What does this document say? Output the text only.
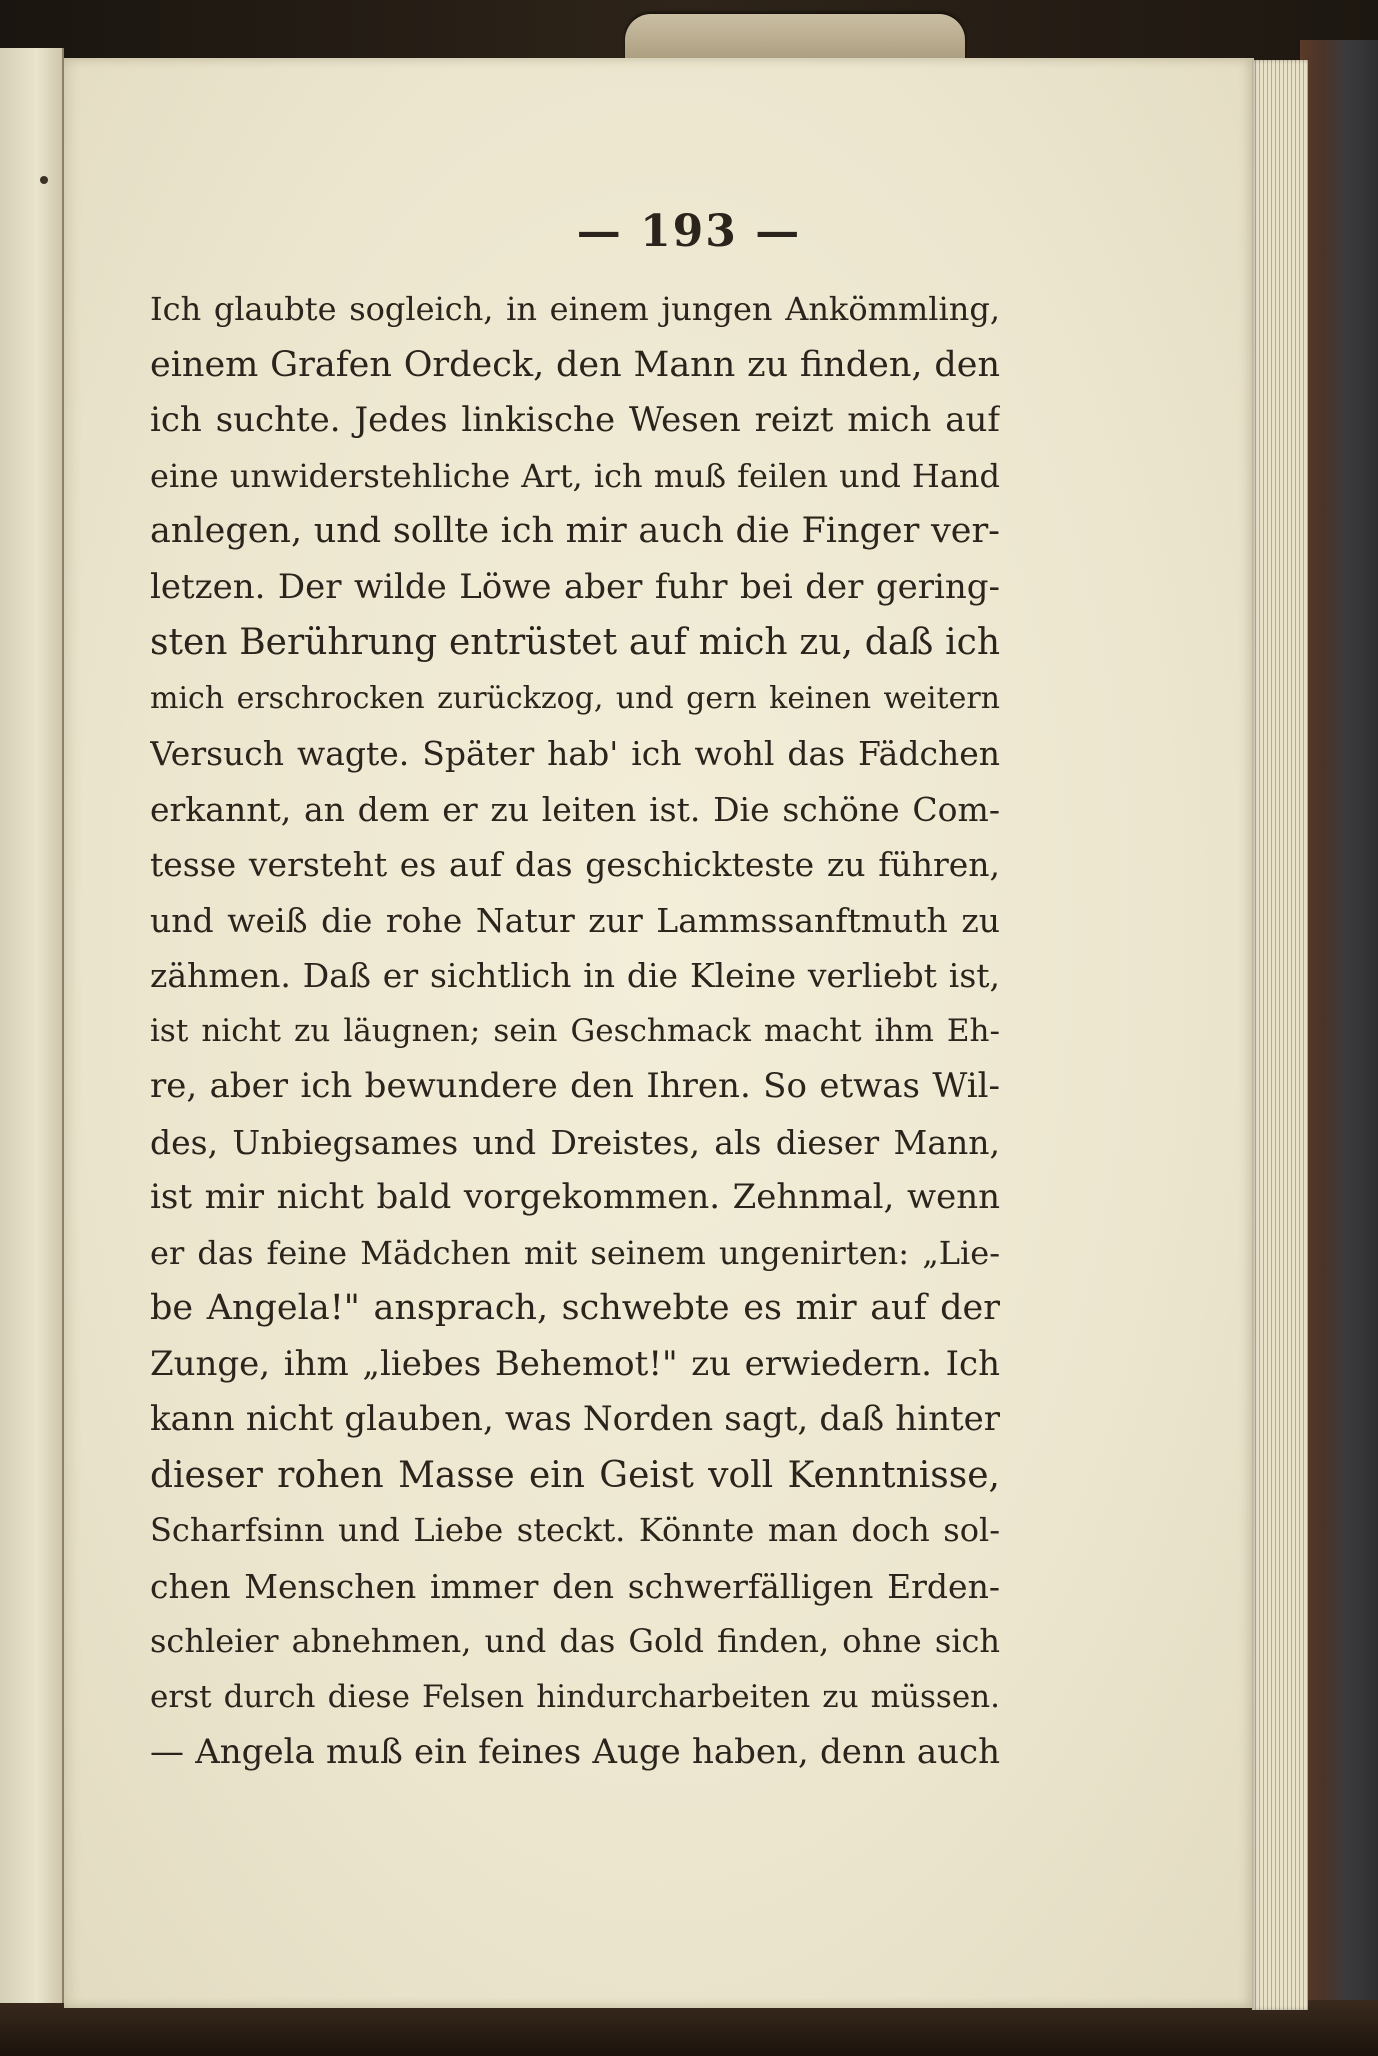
— 193 —
Ich glaubte sogleich, in einem jungen Ankömmling,
einem Grafen Ordeck, den Mann zu finden, den
ich suchte. Jedes linkische Wesen reizt mich auf
eine unwiderstehliche Art, ich muß feilen und Hand
anlegen, und sollte ich mir auch die Finger ver-
letzen. Der wilde Löwe aber fuhr bei der gering-
sten Berührung entrüstet auf mich zu, daß ich
mich erschrocken zurückzog, und gern keinen weitern
Versuch wagte. Später hab' ich wohl das Fädchen
erkannt, an dem er zu leiten ist. Die schöne Com-
tesse versteht es auf das geschickteste zu führen,
und weiß die rohe Natur zur Lammssanftmuth zu
zähmen. Daß er sichtlich in die Kleine verliebt ist,
ist nicht zu läugnen; sein Geschmack macht ihm Eh-
re, aber ich bewundere den Ihren. So etwas Wil-
des, Unbiegsames und Dreistes, als dieser Mann,
ist mir nicht bald vorgekommen. Zehnmal, wenn
er das feine Mädchen mit seinem ungenirten: „Lie-
be Angela!" ansprach, schwebte es mir auf der
Zunge, ihm „liebes Behemot!" zu erwiedern. Ich
kann nicht glauben, was Norden sagt, daß hinter
dieser rohen Masse ein Geist voll Kenntnisse,
Scharfsinn und Liebe steckt. Könnte man doch sol-
chen Menschen immer den schwerfälligen Erden-
schleier abnehmen, und das Gold finden, ohne sich
erst durch diese Felsen hindurcharbeiten zu müssen.
— Angela muß ein feines Auge haben, denn auch
